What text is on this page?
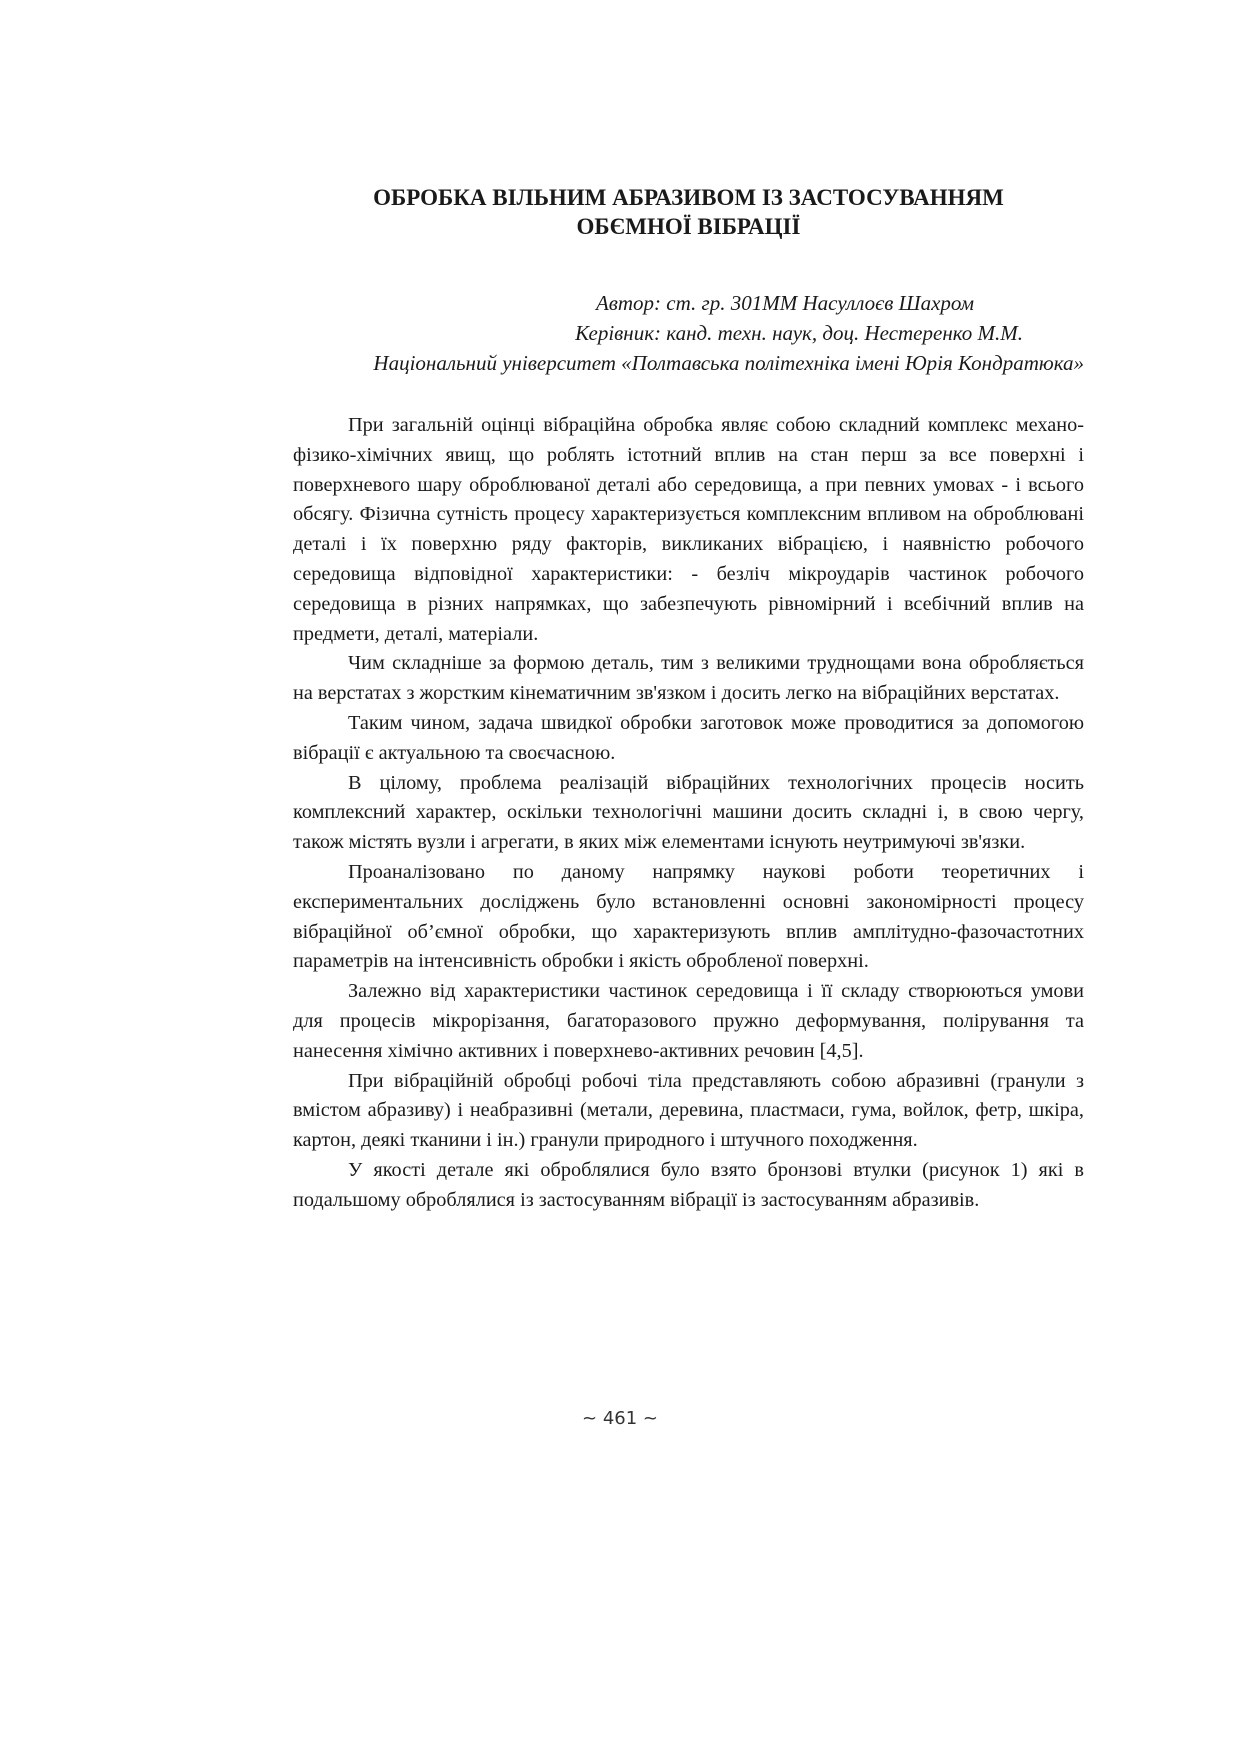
ОБРОБКА ВІЛЬНИМ АБРАЗИВОМ ІЗ ЗАСТОСУВАННЯМ
ОБЄМНОЇ ВІБРАЦІЇ
Автор: ст. гр. 301ММ Насуллоєв Шахром
Керівник: канд. техн. наук, доц. Нестеренко М.М.
Національний університет «Полтавська політехніка імені Юрія Кондратюка»

При загальній оцінці вібраційна обробка являє собою складний комплекс механо-фізико-хімічних явищ, що роблять істотний вплив на стан перш за все поверхні і поверхневого шару оброблюваної деталі або середовища, а при певних умовах - і всього обсягу. Фізична сутність процесу характеризується комплексним впливом на оброблювані деталі і їх поверхню ряду факторів, викликаних вібрацією, і наявністю робочого середовища відповідної характеристики: - безліч мікроударів частинок робочого середовища в різних напрямках, що забезпечують рівномірний і всебічний вплив на предмети, деталі, матеріали.

Чим складніше за формою деталь, тим з великими труднощами вона обробляється на верстатах з жорстким кінематичним зв'язком і досить легко на вібраційних верстатах.

Таким чином, задача швидкої обробки заготовок може проводитися за допомогою вібрації є актуальною та своєчасною.

В цілому, проблема реалізацій вібраційних технологічних процесів носить комплексний характер, оскільки технологічні машини досить складні і, в свою чергу, також містять вузли і агрегати, в яких між елементами існують неутримуючі зв'язки.

Проаналізовано по даному напрямку наукові роботи теоретичних і експериментальних досліджень було встановленні основні закономірності процесу вібраційної об’ємної обробки, що характеризують вплив амплітудно-фазочастотних параметрів на інтенсивність обробки і якість обробленої поверхні.

Залежно від характеристики частинок середовища і її складу створюються умови для процесів мікрорізання, багаторазового пружно деформування, полірування та нанесення хімічно активних і поверхнево-активних речовин [4,5].

При вібраційній обробці робочі тіла представляють собою абразивні (гранули з вмістом абразиву) і неабразивні (метали, деревина, пластмаси, гума, войлок, фетр, шкіра, картон, деякі тканини і ін.) гранули природного і штучного походження.

У якості детале які оброблялися було взято бронзові втулки (рисунок 1) які в подальшому оброблялися із застосуванням вібрації із застосуванням абразивів.

~ 461 ~
